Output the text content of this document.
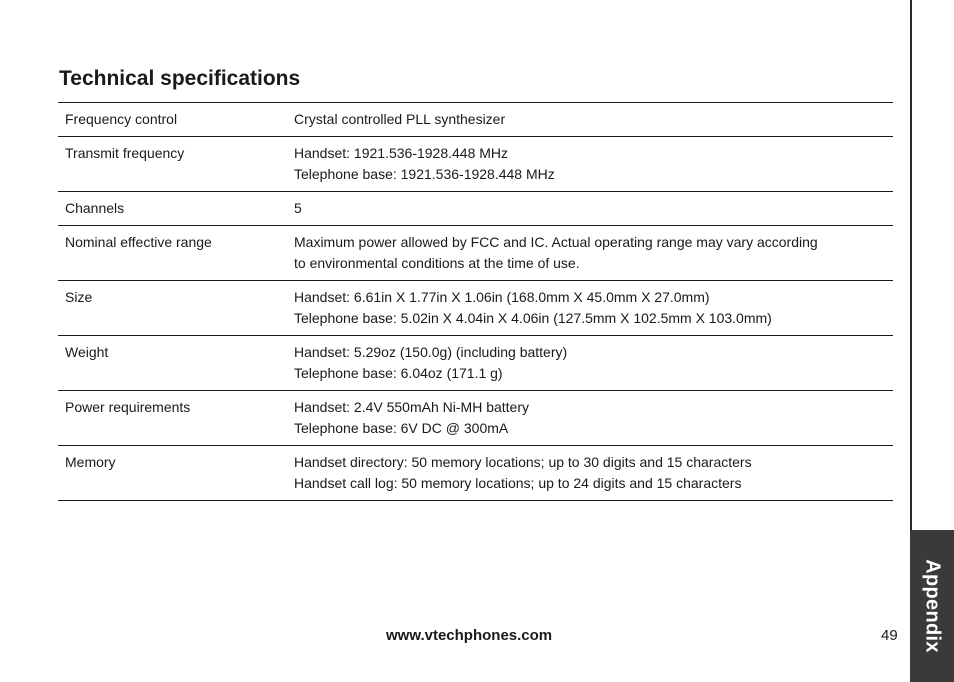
Appendix
Technical specifications
Frequency control	Crystal controlled PLL synthesizer

Transmit frequency	Handset: 1921.536-1928.448 MHz
Telephone base: 1921.536-1928.448 MHz

Channels	5

Nominal effective range	Maximum power allowed by FCC and IC. Actual operating range may vary according
to environmental conditions at the time of use.

Size	Handset: 6.61in X 1.77in X 1.06in (168.0mm X 45.0mm X 27.0mm)
Telephone base: 5.02in X 4.04in X 4.06in (127.5mm X 102.5mm X 103.0mm)

Weight	Handset: 5.29oz (150.0g) (including battery)
Telephone base: 6.04oz (171.1 g)

Power requirements	Handset: 2.4V 550mAh Ni-MH battery
Telephone base: 6V DC @ 300mA

Memory	Handset directory: 50 memory locations; up to 30 digits and 15 characters
Handset call log: 50 memory locations; up to 24 digits and 15 characters
www.vtechphones.com	49
